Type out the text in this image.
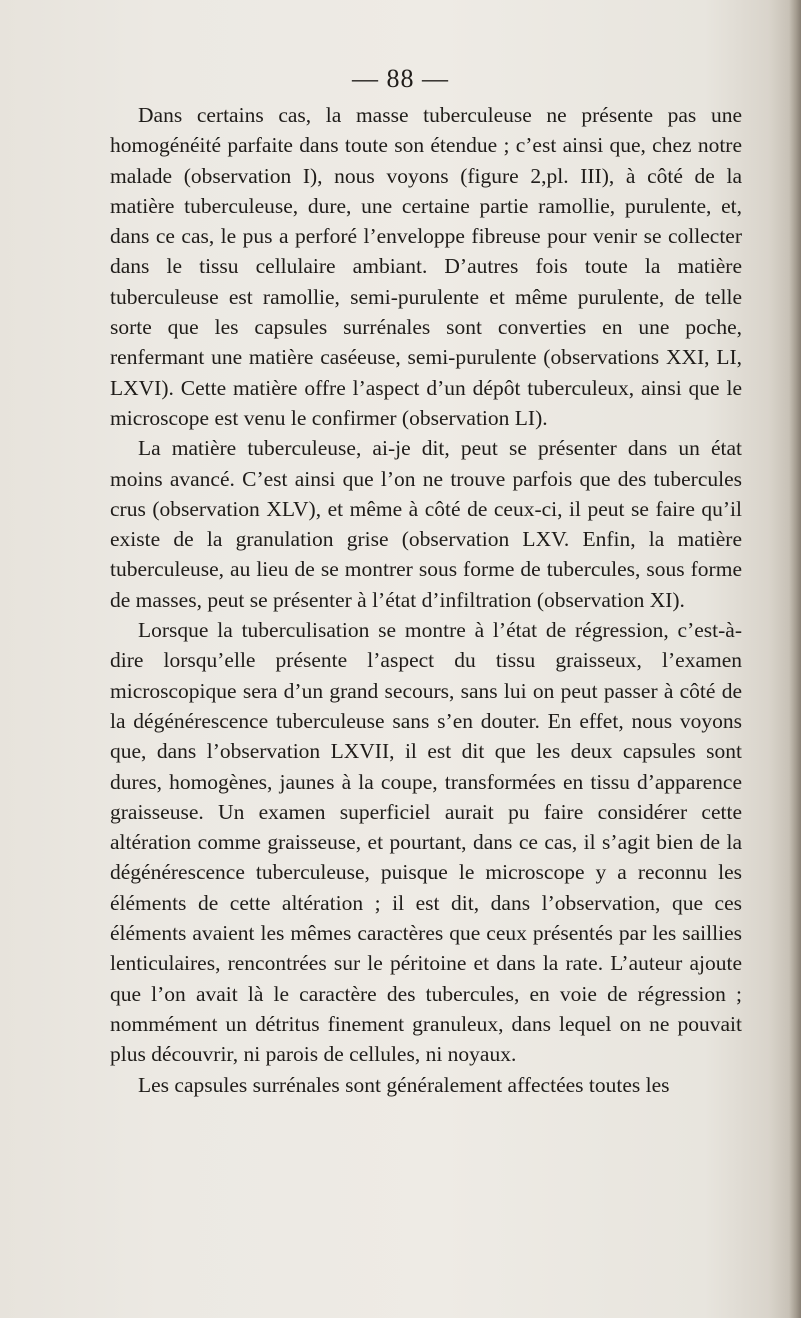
— 88 —

Dans certains cas, la masse tuberculeuse ne présente pas une homogénéité parfaite dans toute son étendue ; c’est ainsi que, chez notre malade (observation I), nous voyons (figure 2,pl. III), à côté de la matière tuberculeuse, dure, une certaine partie ramollie, purulente, et, dans ce cas, le pus a perforé l’enveloppe fibreuse pour venir se collecter dans le tissu cellulaire ambiant. D’autres fois toute la matière tuberculeuse est ramollie, semi-purulente et même purulente, de telle sorte que les capsules surrénales sont converties en une poche, renfermant une matière caséeuse, semi-purulente (observations XXI, LI, LXVI). Cette matière offre l’aspect d’un dépôt tuberculeux, ainsi que le microscope est venu le confirmer (observation LI).

La matière tuberculeuse, ai-je dit, peut se présenter dans un état moins avancé. C’est ainsi que l’on ne trouve parfois que des tubercules crus (observation XLV), et même à côté de ceux-ci, il peut se faire qu’il existe de la granulation grise (observation LXV. Enfin, la matière tuberculeuse, au lieu de se montrer sous forme de tubercules, sous forme de masses, peut se présenter à l’état d’infiltration (observation XI).

Lorsque la tuberculisation se montre à l’état de régression, c’est-à-dire lorsqu’elle présente l’aspect du tissu graisseux, l’examen microscopique sera d’un grand secours, sans lui on peut passer à côté de la dégénérescence tuberculeuse sans s’en douter. En effet, nous voyons que, dans l’observation LXVII, il est dit que les deux capsules sont dures, homogènes, jaunes à la coupe, transformées en tissu d’apparence graisseuse. Un examen superficiel aurait pu faire considérer cette altération comme graisseuse, et pourtant, dans ce cas, il s’agit bien de la dégénérescence tuberculeuse, puisque le microscope y a reconnu les éléments de cette altération ; il est dit, dans l’observation, que ces éléments avaient les mêmes caractères que ceux présentés par les saillies lenticulaires, rencontrées sur le péritoine et dans la rate. L’auteur ajoute que l’on avait là le caractère des tubercules, en voie de régression ; nommément un détritus finement granuleux, dans lequel on ne pouvait plus découvrir, ni parois de cellules, ni noyaux.

Les capsules surrénales sont généralement affectées toutes les
